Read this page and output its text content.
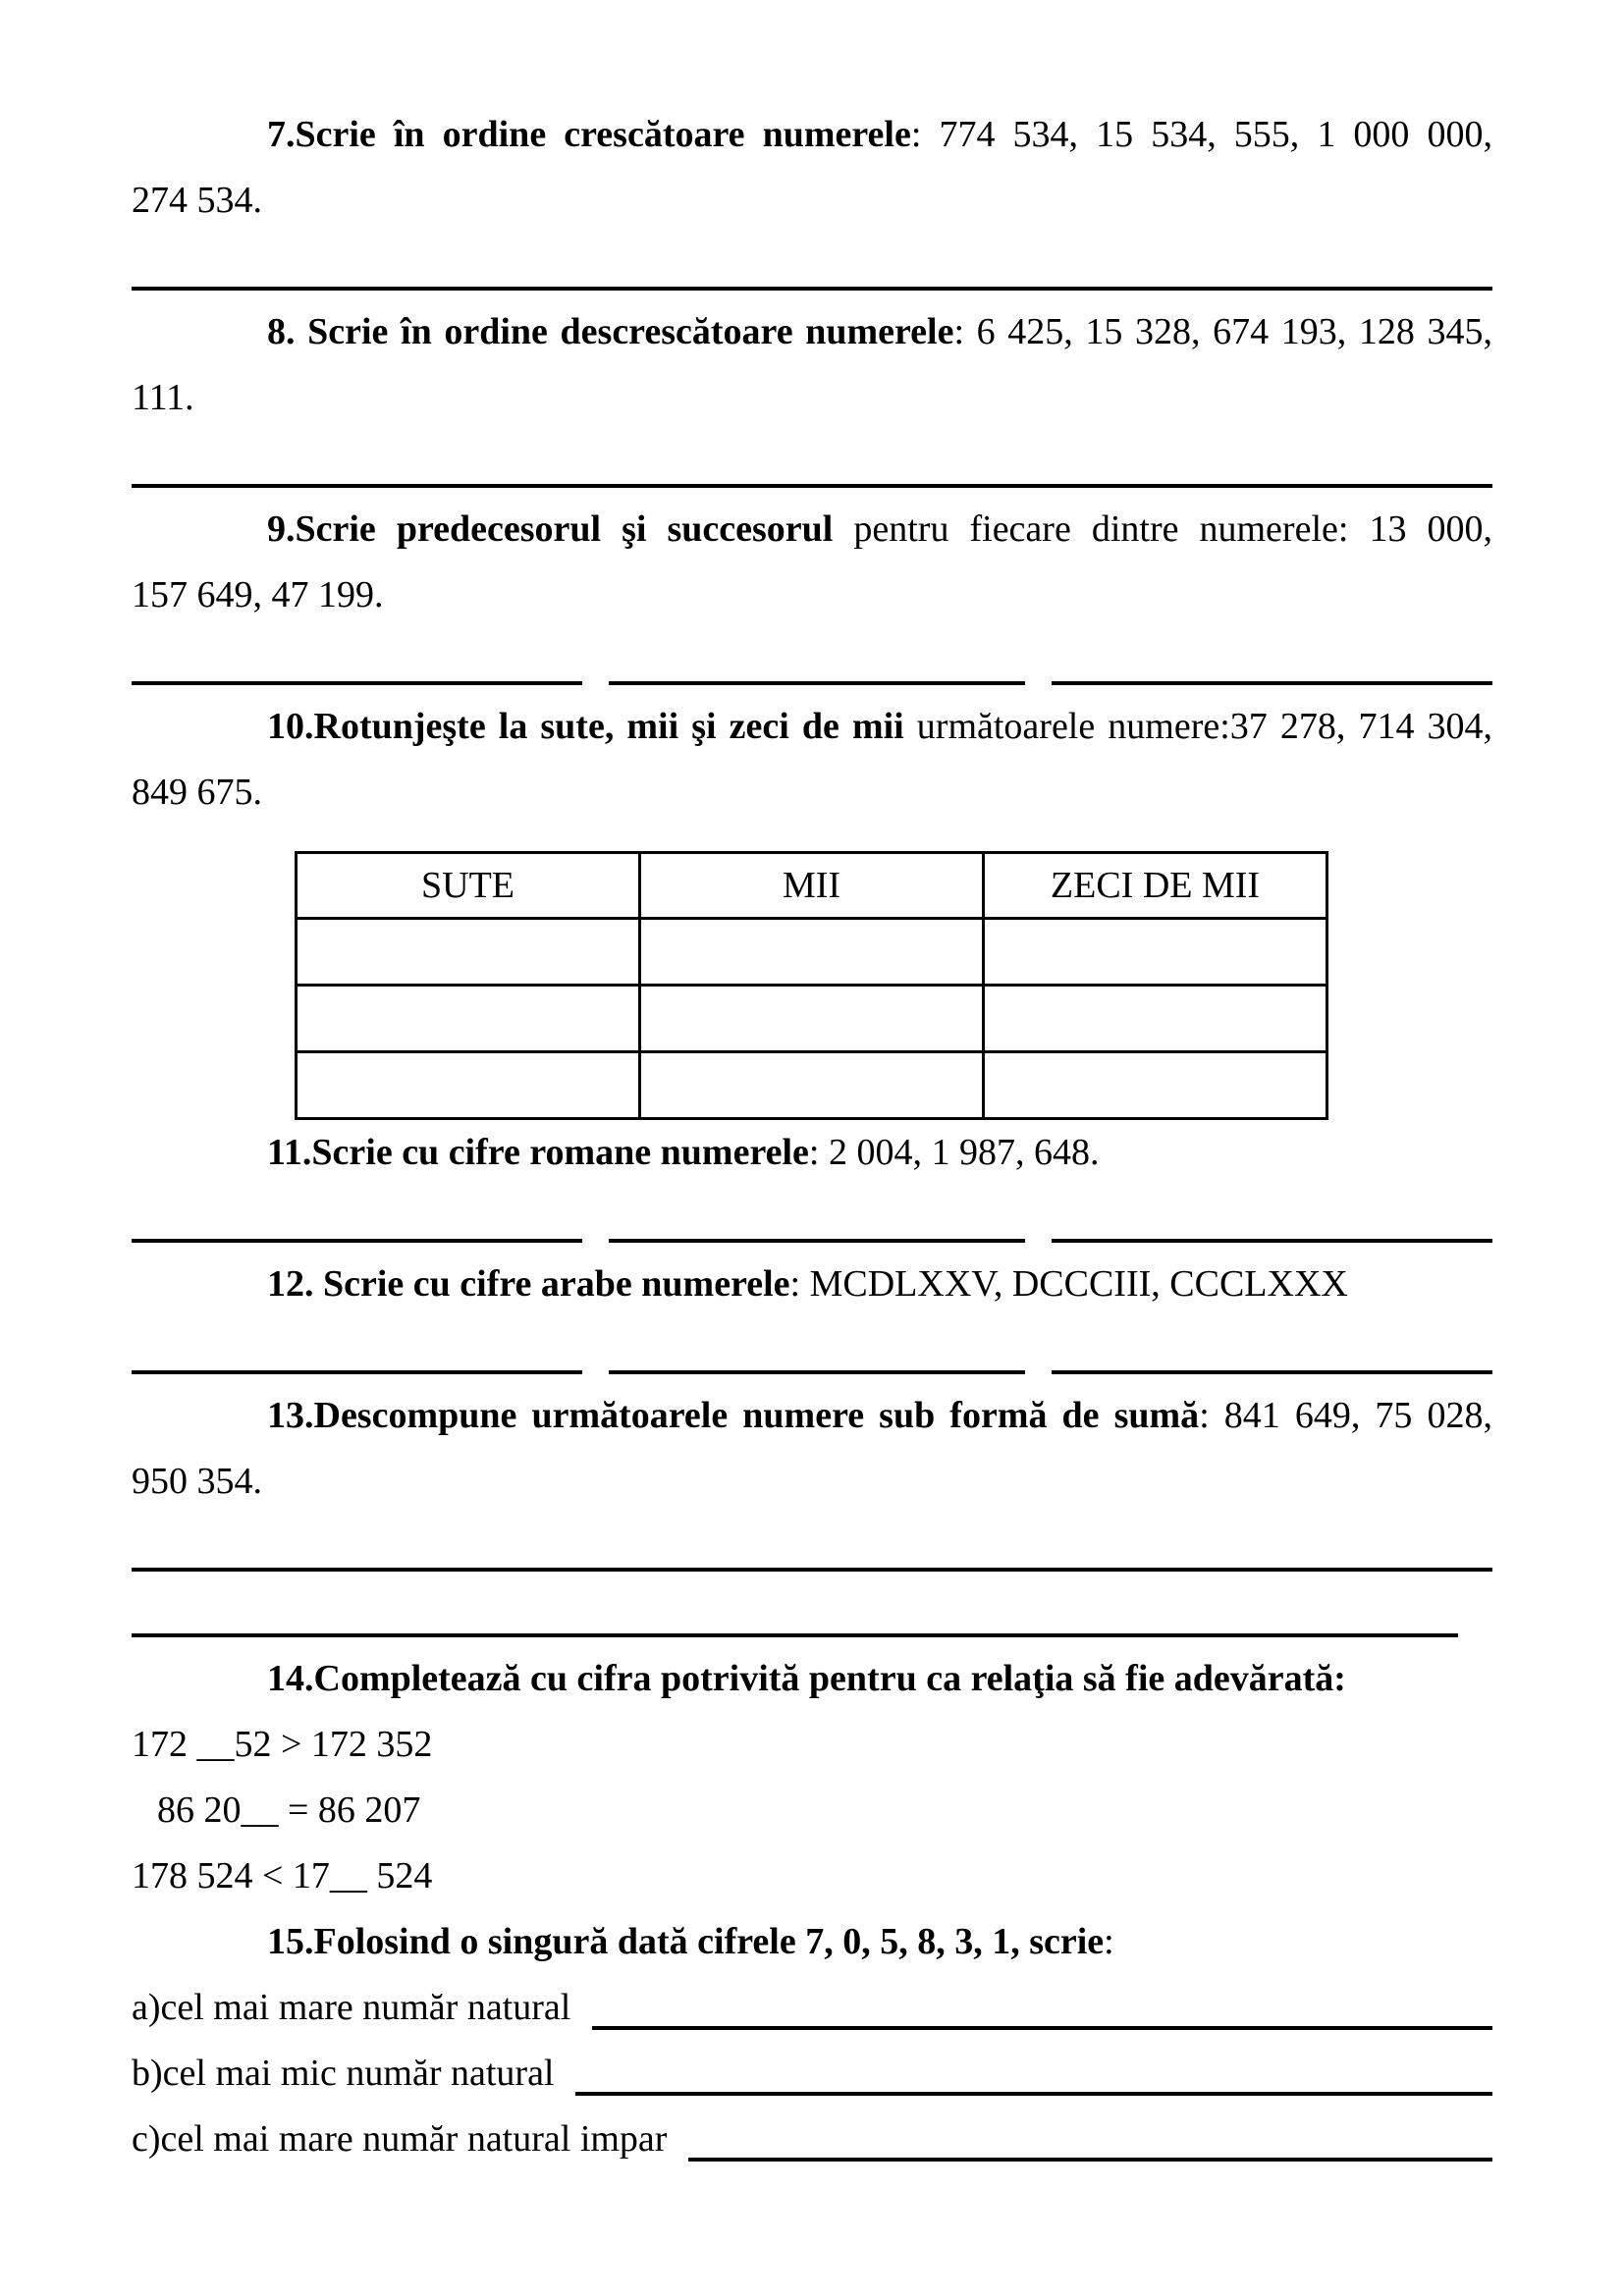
7.Scrie în ordine crescătoare numerele: 774 534, 15 534, 555, 1 000 000,
274 534.
8. Scrie în ordine descrescătoare numerele: 6 425, 15 328, 674 193, 128 345,
111.
9.Scrie predecesorul şi succesorul pentru fiecare dintre numerele: 13 000,
157 649, 47 199.
10.Rotunjeşte la sute, mii şi zeci de mii următoarele numere:37 278, 714 304,
849 675.
SUTE	MII	ZECI DE MII

11.Scrie cu cifre romane numerele: 2 004, 1 987, 648.
12. Scrie cu cifre arabe numerele: MCDLXXV, DCCCIII, CCCLXXX
13.Descompune următoarele numere sub formă de sumă: 841 649, 75 028,
950 354.
14.Completează cu cifra potrivită pentru ca relaţia să fie adevărată:
172 __52 > 172 352
86 20__ = 86 207
178 524 < 17__ 524
15.Folosind o singură dată cifrele 7, 0, 5, 8, 3, 1, scrie:
a)cel mai mare număr natural
b)cel mai mic număr natural
c)cel mai mare număr natural impar
